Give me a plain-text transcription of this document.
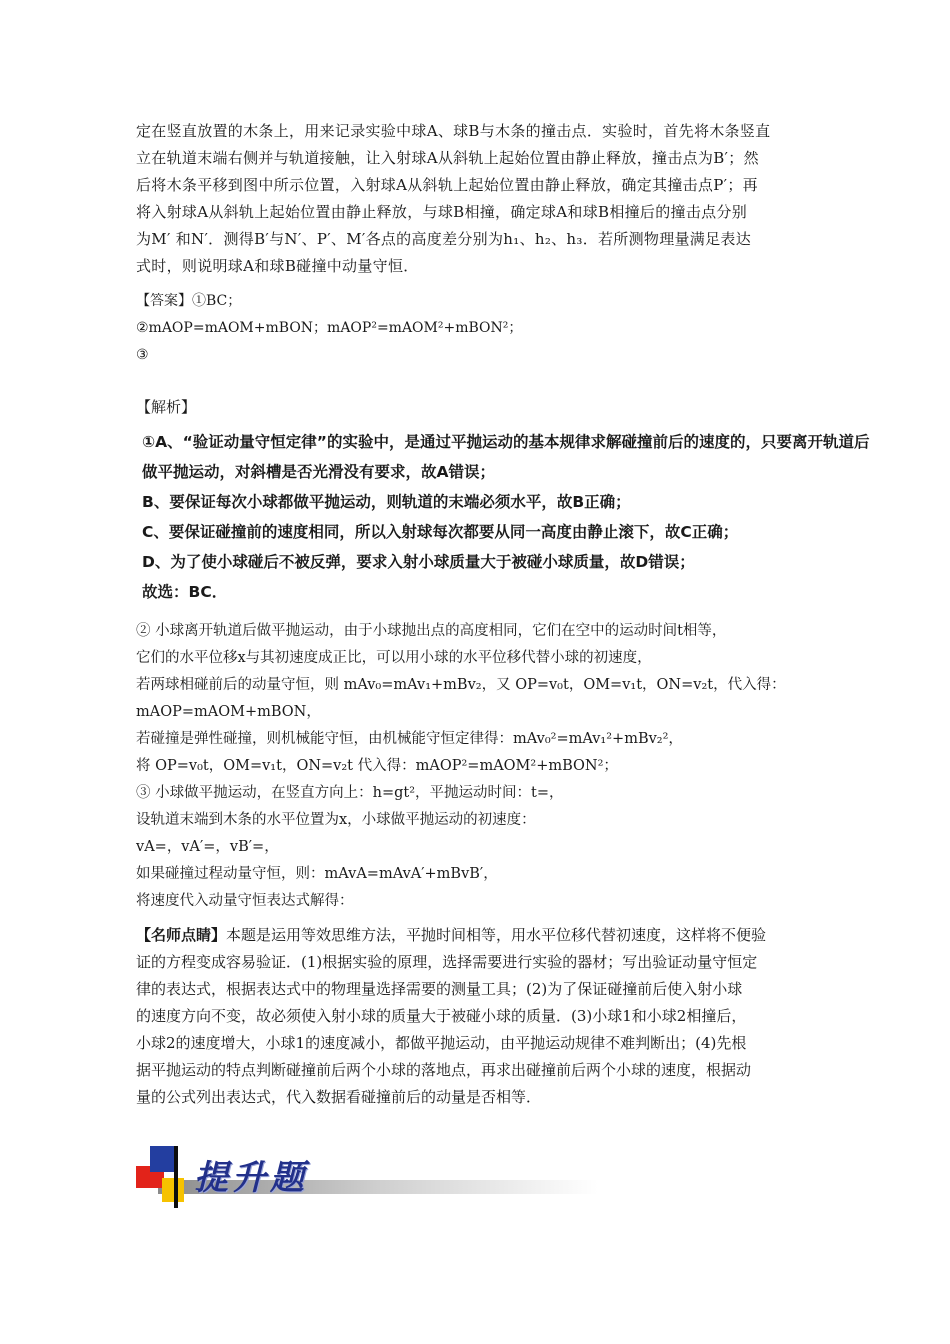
定在竖直放置的木条上，用来记录实验中球A、球B与木条的撞击点．实验时，首先将木条竖直
立在轨道末端右侧并与轨道接触，让入射球A从斜轨上起始位置由静止释放，撞击点为B′；然
后将木条平移到图中所示位置，入射球A从斜轨上起始位置由静止释放，确定其撞击点P′；再
将入射球A从斜轨上起始位置由静止释放，与球B相撞，确定球A和球B相撞后的撞击点分别
为M′ 和N′．测得B′与N′、P′、M′各点的高度差分别为h₁、h₂、h₃．若所测物理量满足表达
式时，则说明球A和球B碰撞中动量守恒．
【答案】①BC；
②mAOP=mAOM+mBON；mAOP²=mAOM²+mBON²；
③
【解析】
①A、“验证动量守恒定律”的实验中，是通过平抛运动的基本规律求解碰撞前后的速度的，只要离开轨道后
做平抛运动，对斜槽是否光滑没有要求，故A错误；
B、要保证每次小球都做平抛运动，则轨道的末端必须水平，故B正确；
C、要保证碰撞前的速度相同，所以入射球每次都要从同一高度由静止滚下，故C正确；
D、为了使小球碰后不被反弹，要求入射小球质量大于被碰小球质量，故D错误；
故选：BC．
② 小球离开轨道后做平抛运动，由于小球抛出点的高度相同，它们在空中的运动时间t相等，
它们的水平位移x与其初速度成正比，可以用小球的水平位移代替小球的初速度，
若两球相碰前后的动量守恒，则 mAv₀=mAv₁+mBv₂，又 OP=v₀t，OM=v₁t，ON=v₂t，代入得：
mAOP=mAOM+mBON，
若碰撞是弹性碰撞，则机械能守恒，由机械能守恒定律得：mAv₀²=mAv₁²+mBv₂²，
将 OP=v₀t，OM=v₁t，ON=v₂t 代入得：mAOP²=mAOM²+mBON²；
③ 小球做平抛运动，在竖直方向上：h=gt²，平抛运动时间：t=，
设轨道末端到木条的水平位置为x，小球做平抛运动的初速度：
vA=，vA′=，vB′=，
如果碰撞过程动量守恒，则：mAvA=mAvA′+mBvB′，
将速度代入动量守恒表达式解得：
【名师点睛】本题是运用等效思维方法，平抛时间相等，用水平位移代替初速度，这样将不便验
证的方程变成容易验证．(1)根据实验的原理，选择需要进行实验的器材；写出验证动量守恒定
律的表达式，根据表达式中的物理量选择需要的测量工具；(2)为了保证碰撞前后使入射小球
的速度方向不变，故必须使入射小球的质量大于被碰小球的质量．(3)小球1和小球2相撞后，
小球2的速度增大，小球1的速度减小，都做平抛运动，由平抛运动规律不难判断出；(4)先根
据平抛运动的特点判断碰撞前后两个小球的落地点，再求出碰撞前后两个小球的速度，根据动
量的公式列出表达式，代入数据看碰撞前后的动量是否相等．
提升题
